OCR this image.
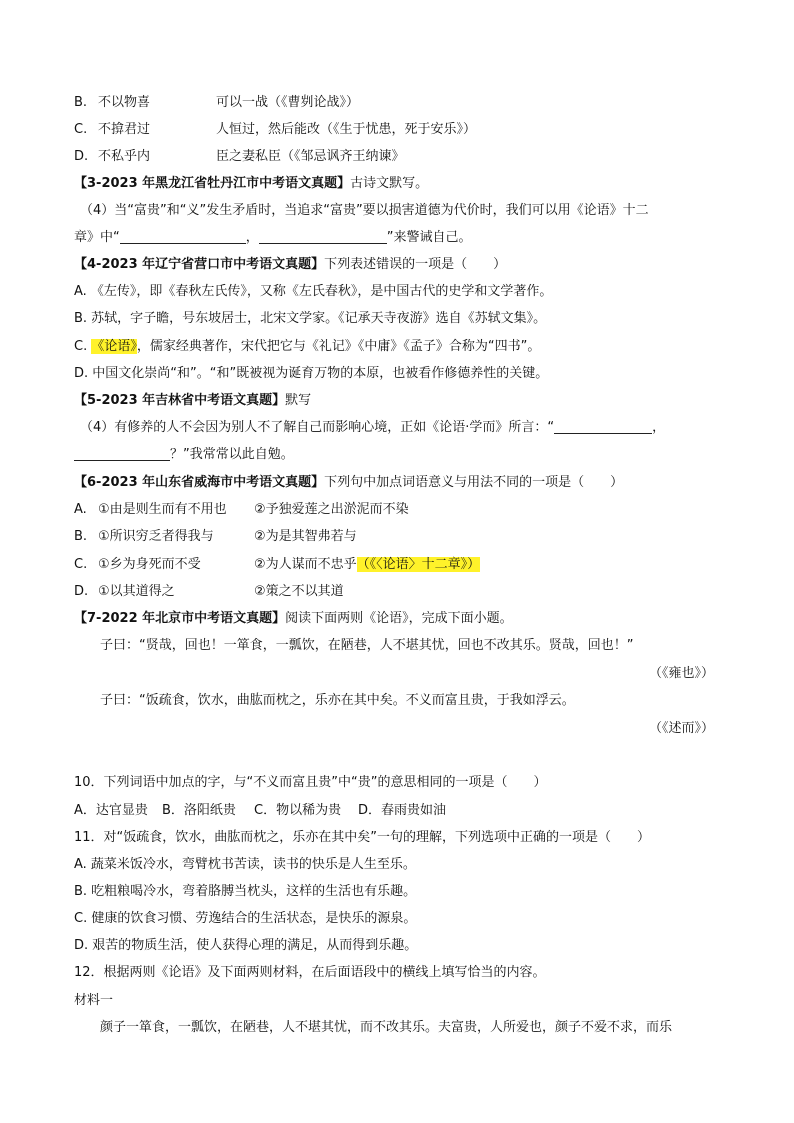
B. 不以物喜	可以一战（《曹刿论战》）
C. 不揜君过	人恒过，然后能改（《生于忧患，死于安乐》）
D. 不私乎内	臣之妻私臣（《邹忌讽齐王纳谏》
【3-2023 年黑龙江省牡丹江市中考语文真题】古诗文默写。
（4）当“富贵”和“义”发生矛盾时，当追求“富贵”要以损害道德为代价时，我们可以用《论语》十二
章》中“	，	”来警诫自己。
【4-2023 年辽宁省营口市中考语文真题】下列表述错误的一项是（　　）
A. 《左传》，即《春秋左氏传》，又称《左氏春秋》，是中国古代的史学和文学著作。
B. 苏轼，字子瞻，号东坡居士，北宋文学家。《记承天寺夜游》选自《苏轼文集》。
C. 《论语》，儒家经典著作，宋代把它与《礼记》《中庸》《孟子》合称为“四书”。
D. 中国文化崇尚“和”。“和”既被视为诞育万物的本原，也被看作修德养性的关键。
【5-2023 年吉林省中考语文真题】默写
（4）有修养的人不会因为别人不了解自己而影响心境，正如《论语·学而》所言：“	，
？”我常常以此自勉。
【6-2023 年山东省威海市中考语文真题】下列句中加点词语意义与用法不同的一项是（　　）
A. ①由是则生而有不用也 ②予独爱莲之出淤泥而不染
B. ①所识穷乏者得我与	②为是其智弗若与
C. ①乡为身死而不受	②为人谋而不忠乎（《〈论语〉十二章》）
D. ①以其道得之	②策之不以其道
【7-2022 年北京市中考语文真题】阅读下面两则《论语》，完成下面小题。
子曰：“贤哉，回也！一箪食，一瓢饮，在陋巷，人不堪其忧，回也不改其乐。贤哉，回也！”
（《雍也》）
子曰：“饭疏食，饮水，曲肱而枕之，乐亦在其中矣。不义而富且贵，于我如浮云。
（《述而》）
10．下列词语中加点的字，与“不义而富且贵”中“贵”的意思相同的一项是（　　）
A．达官显贵 B．洛阳纸贵 C．物以稀为贵 D．春雨贵如油
11．对“饭疏食，饮水，曲肱而枕之，乐亦在其中矣”一句的理解，下列选项中正确的一项是（　　）
A. 蔬菜米饭冷水，弯臂枕书苦读，读书的快乐是人生至乐。
B. 吃粗粮喝冷水，弯着胳膊当枕头，这样的生活也有乐趣。
C. 健康的饮食习惯、劳逸结合的生活状态，是快乐的源泉。
D. 艰苦的物质生活，使人获得心理的满足，从而得到乐趣。
12．根据两则《论语》及下面两则材料，在后面语段中的横线上填写恰当的内容。
材料一
颜子一箪食，一瓢饮，在陋巷，人不堪其忧，而不改其乐。夫富贵，人所爱也，颜子不爱不求，而乐
